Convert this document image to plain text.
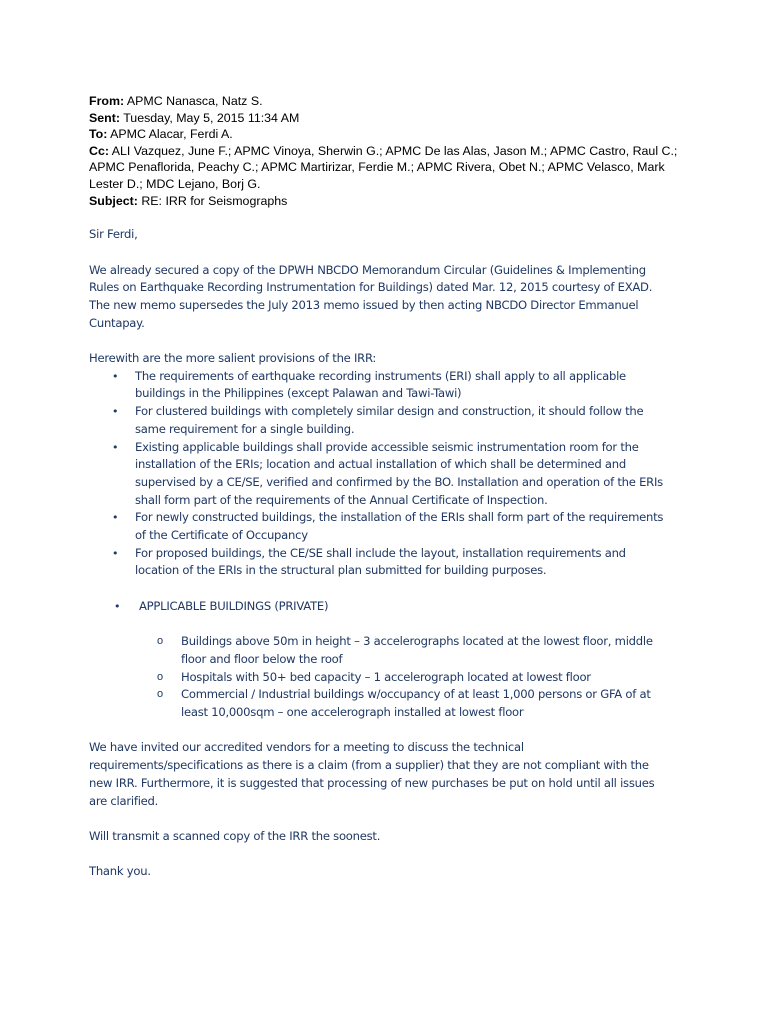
From: APMC Nanasca, Natz S.
Sent: Tuesday, May 5, 2015 11:34 AM
To: APMC Alacar, Ferdi A.
Cc: ALI Vazquez, June F.; APMC Vinoya, Sherwin G.; APMC De las Alas, Jason M.; APMC Castro, Raul C.;
APMC Penaflorida, Peachy C.; APMC Martirizar, Ferdie M.; APMC Rivera, Obet N.; APMC Velasco, Mark
Lester D.; MDC Lejano, Borj G.
Subject: RE: IRR for Seismographs
Sir Ferdi,
We already secured a copy of the DPWH NBCDO Memorandum Circular (Guidelines & Implementing
Rules on Earthquake Recording Instrumentation for Buildings) dated Mar. 12, 2015 courtesy of EXAD.
The new memo supersedes the July 2013 memo issued by then acting NBCDO Director Emmanuel
Cuntapay.
Herewith are the more salient provisions of the IRR:
• The requirements of earthquake recording instruments (ERI) shall apply to all applicable
buildings in the Philippines (except Palawan and Tawi-Tawi)
• For clustered buildings with completely similar design and construction, it should follow the
same requirement for a single building.
• Existing applicable buildings shall provide accessible seismic instrumentation room for the
installation of the ERIs; location and actual installation of which shall be determined and
supervised by a CE/SE, verified and confirmed by the BO. Installation and operation of the ERIs
shall form part of the requirements of the Annual Certificate of Inspection.
• For newly constructed buildings, the installation of the ERIs shall form part of the requirements
of the Certificate of Occupancy
• For proposed buildings, the CE/SE shall include the layout, installation requirements and
location of the ERIs in the structural plan submitted for building purposes.
• APPLICABLE BUILDINGS (PRIVATE)
o Buildings above 50m in height – 3 accelerographs located at the lowest floor, middle
floor and floor below the roof
o Hospitals with 50+ bed capacity – 1 accelerograph located at lowest floor
o Commercial / Industrial buildings w/occupancy of at least 1,000 persons or GFA of at
least 10,000sqm – one accelerograph installed at lowest floor
We have invited our accredited vendors for a meeting to discuss the technical
requirements/specifications as there is a claim (from a supplier) that they are not compliant with the
new IRR. Furthermore, it is suggested that processing of new purchases be put on hold until all issues
are clarified.
Will transmit a scanned copy of the IRR the soonest.
Thank you.
